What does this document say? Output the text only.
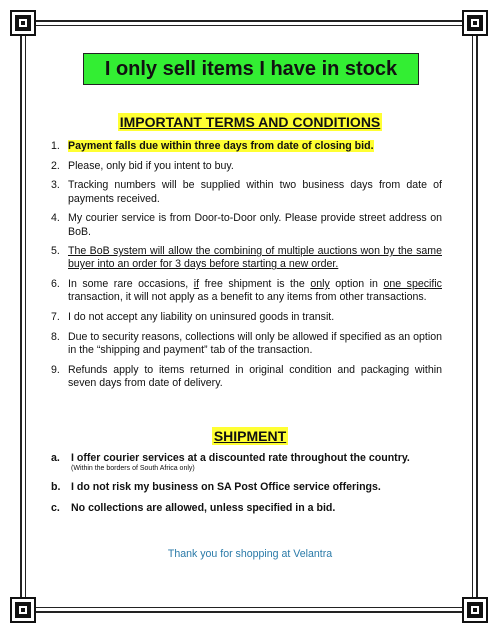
I only sell items I have in stock
IMPORTANT TERMS AND CONDITIONS
1. Payment falls due within three days from date of closing bid.
2. Please, only bid if you intent to buy.
3. Tracking numbers will be supplied within two business days from date of payments received.
4. My courier service is from Door-to-Door only. Please provide street address on BoB.
5. The BoB system will allow the combining of multiple auctions won by the same buyer into an order for 3 days before starting a new order.
6. In some rare occasions, if free shipment is the only option in one specific transaction, it will not apply as a benefit to any items from other transactions.
7. I do not accept any liability on uninsured goods in transit.
8. Due to security reasons, collections will only be allowed if specified as an option in the “shipping and payment” tab of the transaction.
9. Refunds apply to items returned in original condition and packaging within seven days from date of delivery.
SHIPMENT
a. I offer courier services at a discounted rate throughout the country.
(Within the borders of South Africa only)
b. I do not risk my business on SA Post Office service offerings.
c. No collections are allowed, unless specified in a bid.
Thank you for shopping at Velantra
